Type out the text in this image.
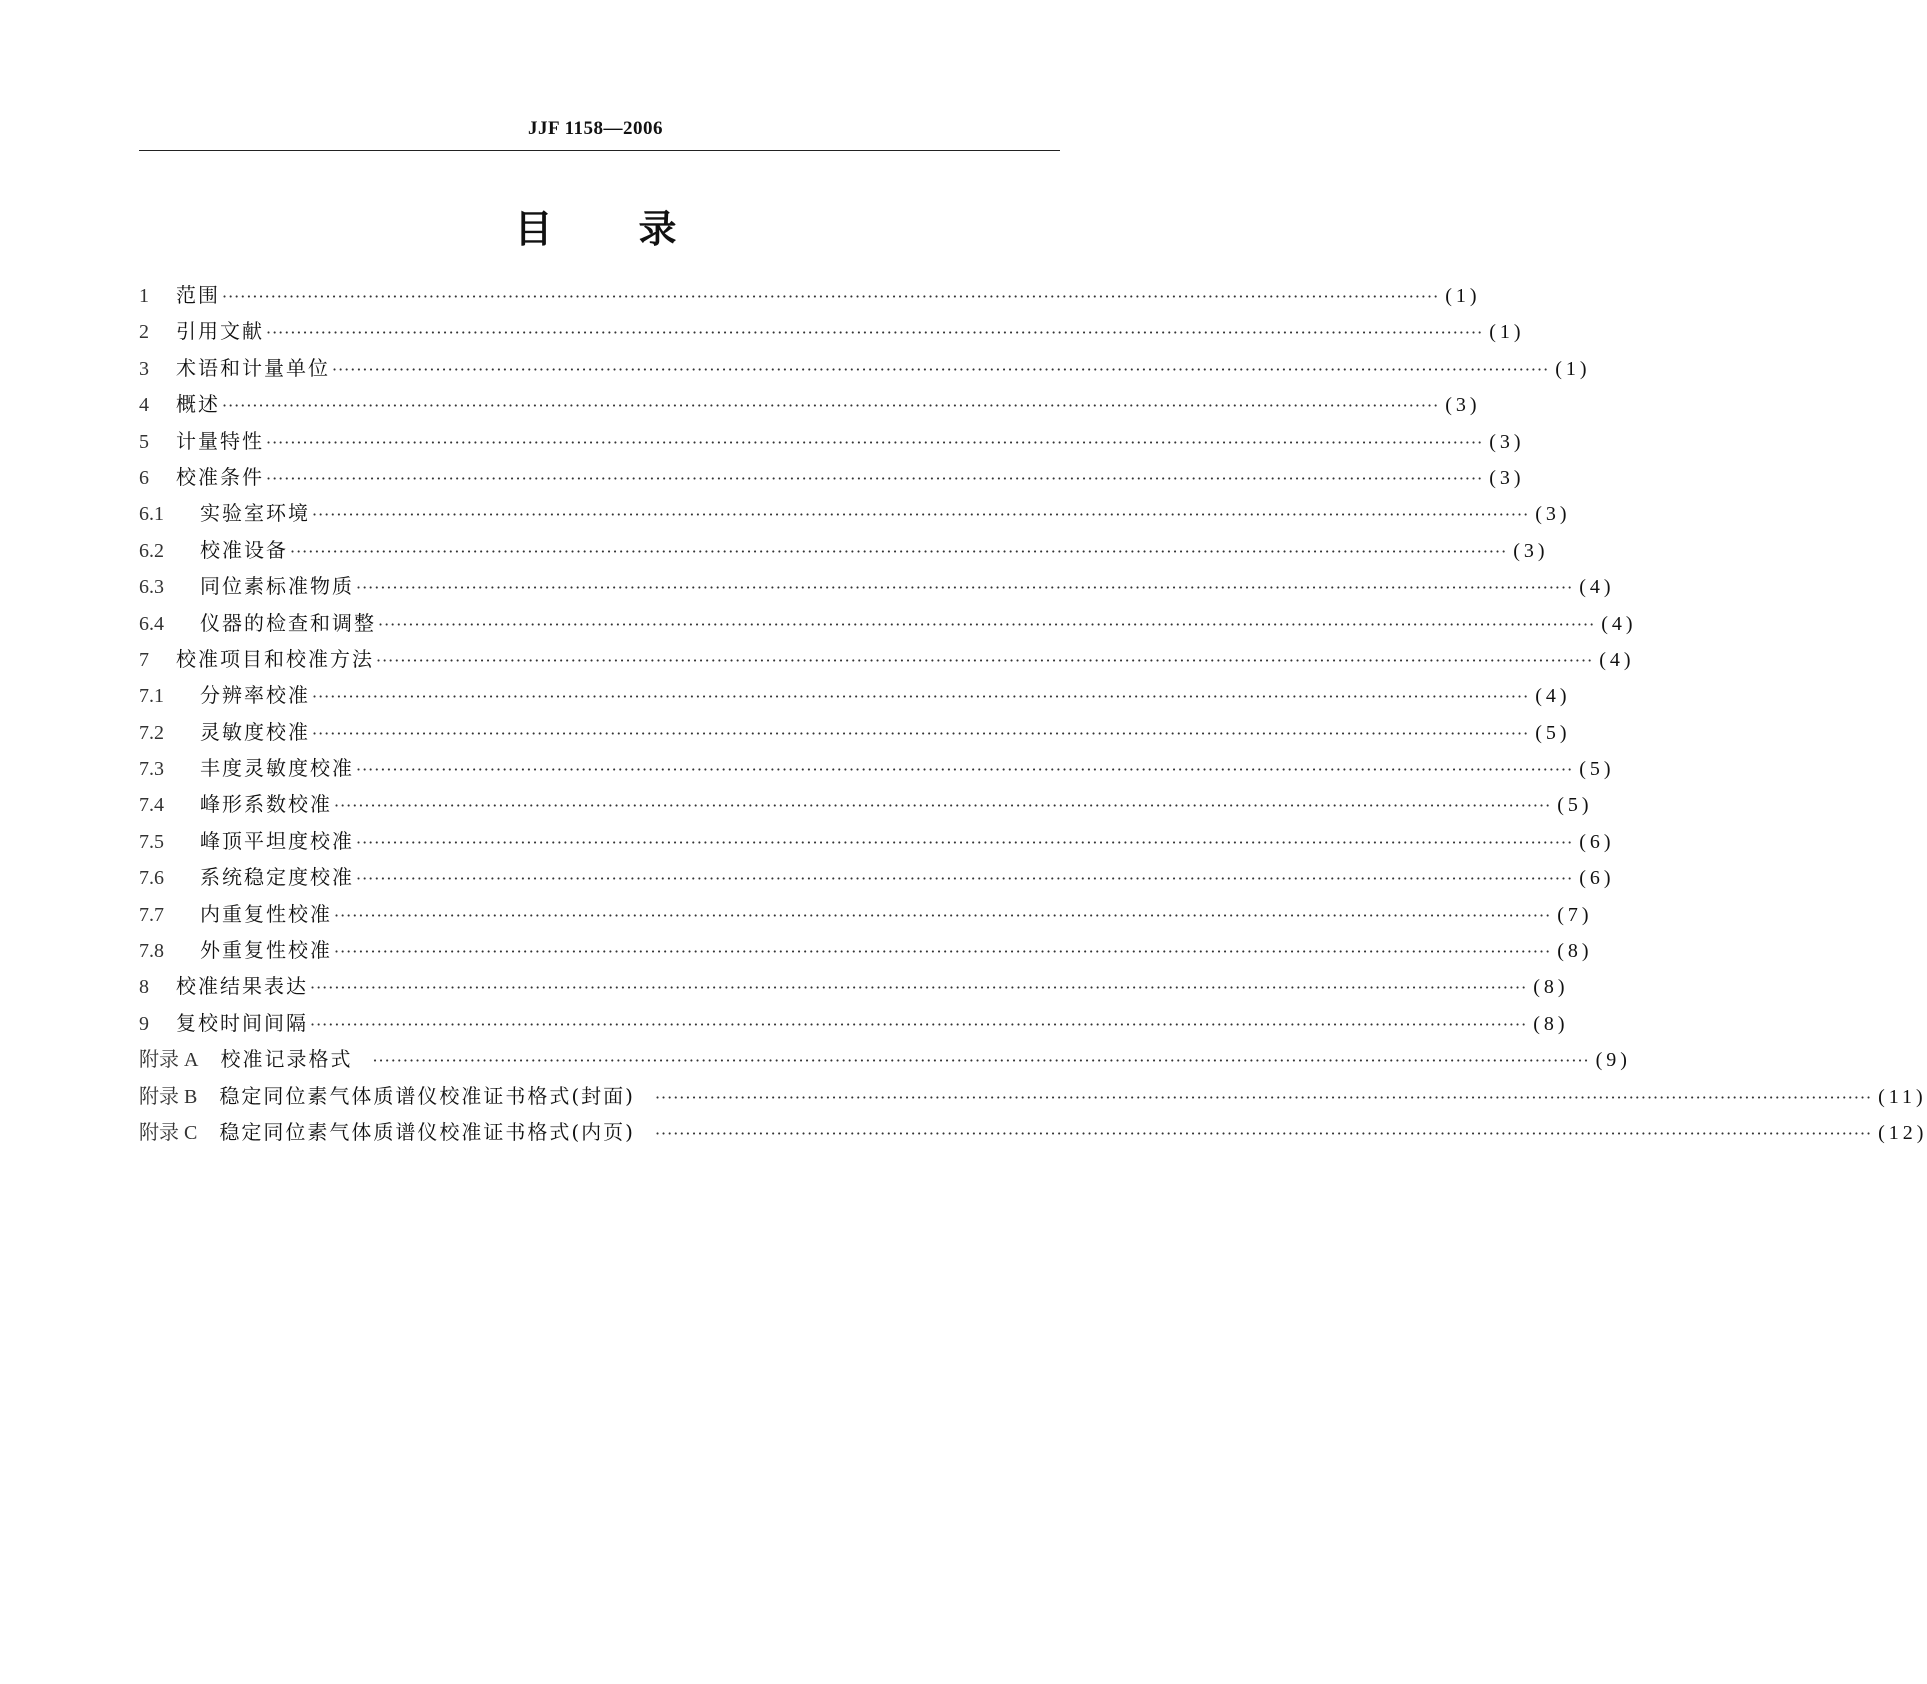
JJF 1158—2006
目 录
1	范围 ········································································································································································································ (1)
2	引用文献 ········································································································································································································ (1)
3	术语和计量单位 ········································································································································································································ (1)
4	概述 ········································································································································································································ (3)
5	计量特性 ········································································································································································································ (3)
6	校准条件 ········································································································································································································ (3)
6.1	实验室环境 ········································································································································································································ (3)
6.2	校准设备 ········································································································································································································ (3)
6.3	同位素标准物质 ········································································································································································································ (4)
6.4	仪器的检查和调整 ········································································································································································································ (4)
7	校准项目和校准方法 ········································································································································································································ (4)
7.1	分辨率校准 ········································································································································································································ (4)
7.2	灵敏度校准 ········································································································································································································ (5)
7.3	丰度灵敏度校准 ········································································································································································································ (5)
7.4	峰形系数校准 ········································································································································································································ (5)
7.5	峰顶平坦度校准 ········································································································································································································ (6)
7.6	系统稳定度校准 ········································································································································································································ (6)
7.7	内重复性校准 ········································································································································································································ (7)
7.8	外重复性校准 ········································································································································································································ (8)
8	校准结果表达 ········································································································································································································ (8)
9	复校时间间隔 ········································································································································································································ (8)
附录 A 校准记录格式 ········································································································································································································ (9)
附录 B 稳定同位素气体质谱仪校准证书格式(封面) ········································································································································································································ (11)
附录 C 稳定同位素气体质谱仪校准证书格式(内页) ········································································································································································································ (12)
